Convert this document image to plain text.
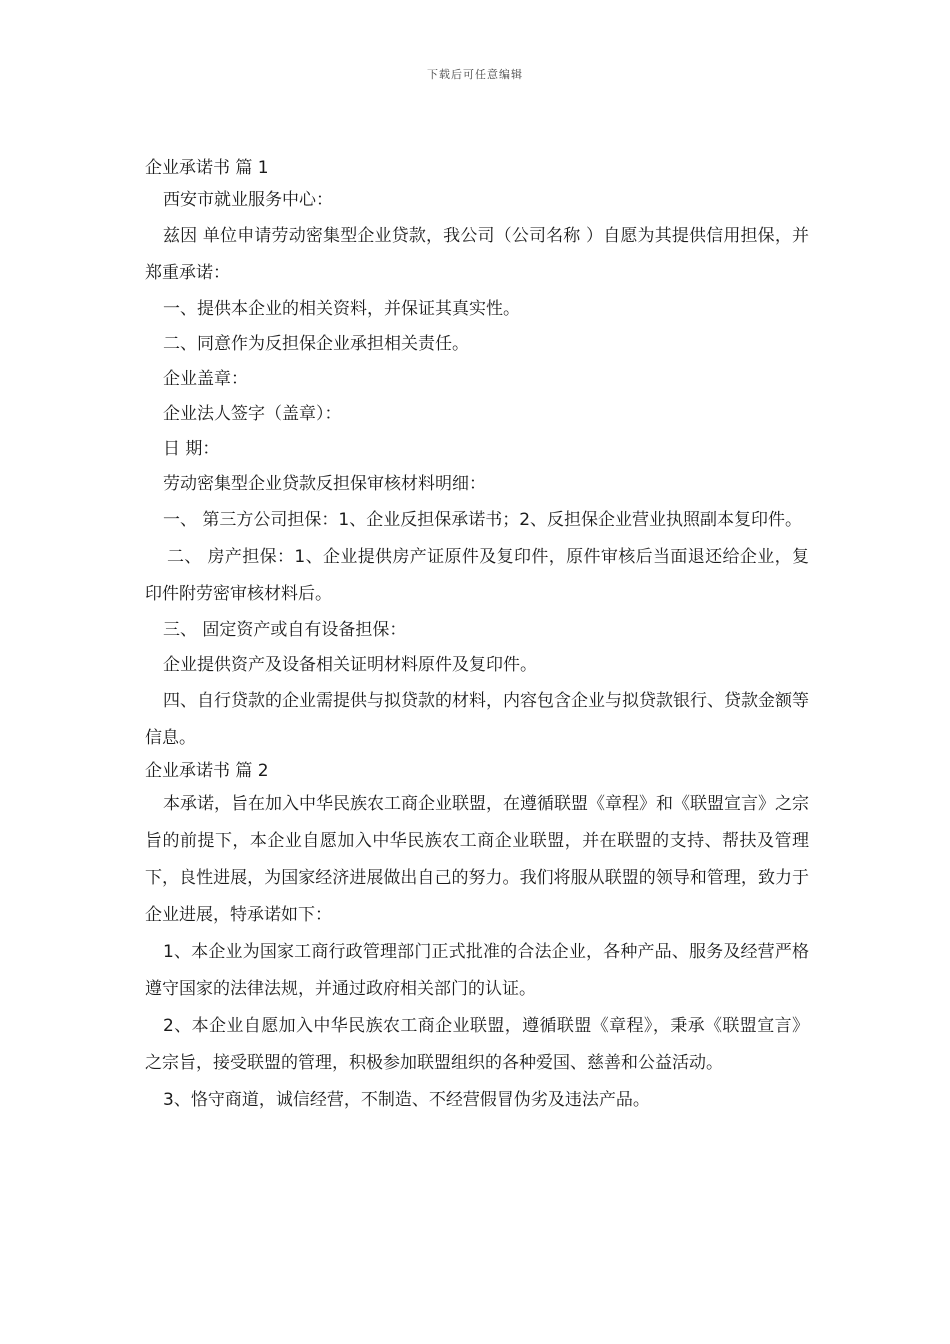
下载后可任意编辑

企业承诺书 篇 1

西安市就业服务中心：

兹因 单位申请劳动密集型企业贷款，我公司（公司名称 ）自愿为其提供信用担保，并郑重承诺：

一、提供本企业的相关资料，并保证其真实性。

二、同意作为反担保企业承担相关责任。

企业盖章：

企业法人签字（盖章）：

日 期：

劳动密集型企业贷款反担保审核材料明细：

一、 第三方公司担保：1、企业反担保承诺书；2、反担保企业营业执照副本复印件。

二、 房产担保：1、企业提供房产证原件及复印件，原件审核后当面退还给企业，复印件附劳密审核材料后。

三、 固定资产或自有设备担保：

企业提供资产及设备相关证明材料原件及复印件。

四、自行贷款的企业需提供与拟贷款的材料，内容包含企业与拟贷款银行、贷款金额等信息。

企业承诺书 篇 2

本承诺，旨在加入中华民族农工商企业联盟，在遵循联盟《章程》和《联盟宣言》之宗旨的前提下，本企业自愿加入中华民族农工商企业联盟，并在联盟的支持、帮扶及管理下，良性进展，为国家经济进展做出自己的努力。我们将服从联盟的领导和管理，致力于企业进展，特承诺如下：

1、本企业为国家工商行政管理部门正式批准的合法企业，各种产品、服务及经营严格遵守国家的法律法规，并通过政府相关部门的认证。

2、本企业自愿加入中华民族农工商企业联盟，遵循联盟《章程》，秉承《联盟宣言》之宗旨，接受联盟的管理，积极参加联盟组织的各种爱国、慈善和公益活动。

3、恪守商道，诚信经营，不制造、不经营假冒伪劣及违法产品。
